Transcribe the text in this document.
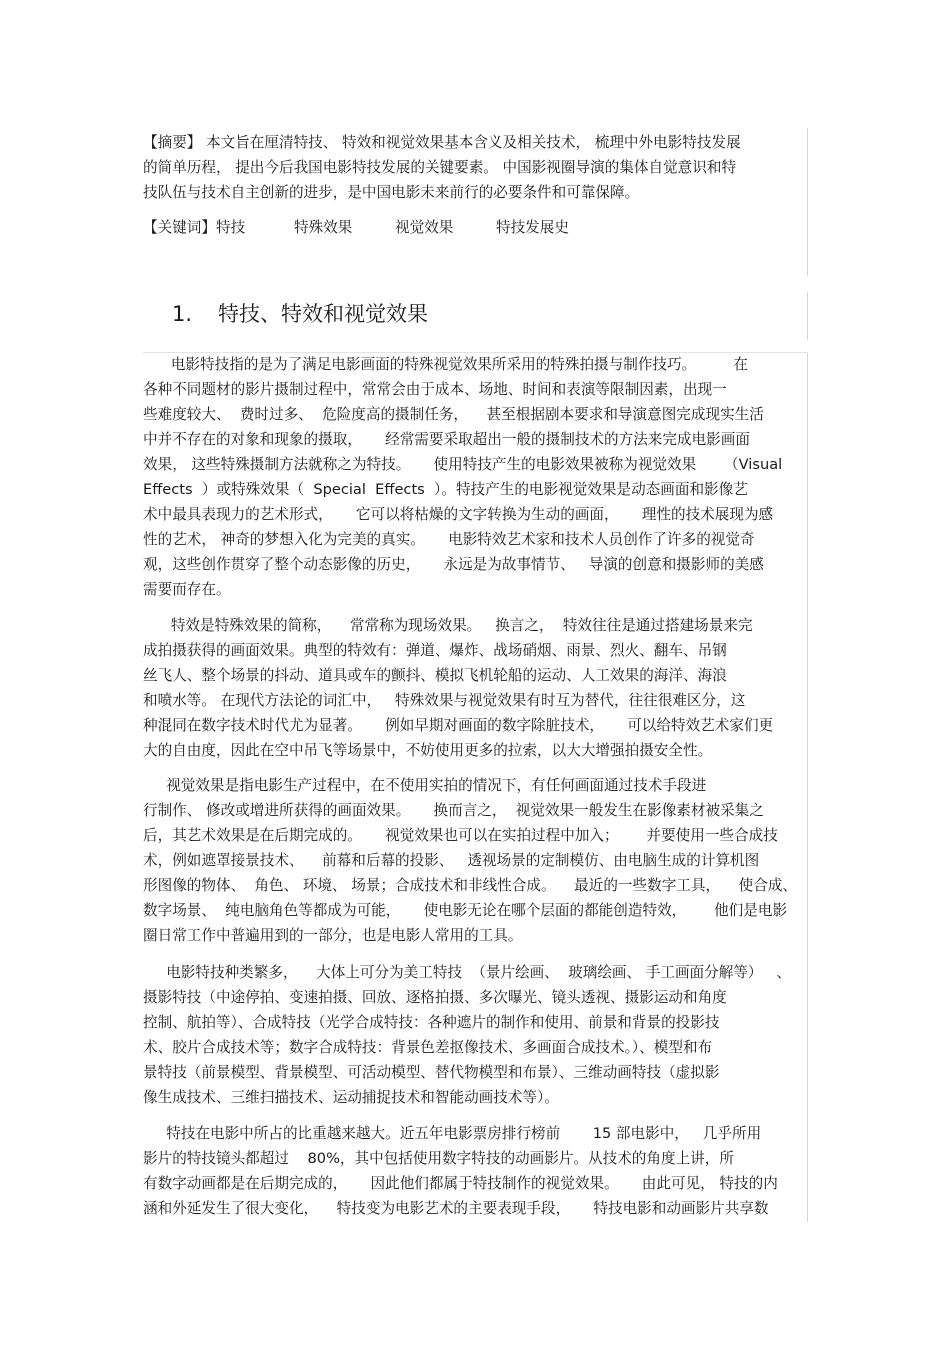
【摘要】 本文旨在厘清特技、 特效和视觉效果基本含义及相关技术， 梳理中外电影特技发展
的简单历程， 提出今后我国电影特技发展的关键要素。 中国影视圈导演的集体自觉意识和特
技队伍与技术自主创新的进步，是中国电影未来前行的必要条件和可靠保障。
【关键词】特技	特殊效果	视觉效果	特技发展史
1. 特技、特效和视觉效果
电影特技指的是为了满足电影画面的特殊视觉效果所采用的特殊拍摄与制作技巧。        在
各种不同题材的影片摄制过程中，常常会由于成本、场地、时间和表演等限制因素，出现一
些难度较大、  费时过多、  危险度高的摄制任务，    甚至根据剧本要求和导演意图完成现实生活
中并不存在的对象和现象的摄取，     经常需要采取超出一般的摄制技术的方法来完成电影画面
效果， 这些特殊摄制方法就称之为特技。     使用特技产生的电影效果被称为视觉效果      （Visual
Effects  ）或特殊效果（  Special  Effects  ）。特技产生的电影视觉效果是动态画面和影像艺
术中最具表现力的艺术形式，     它可以将枯燥的文字转换为生动的画面，     理性的技术展现为感
性的艺术， 神奇的梦想入化为完美的真实。     电影特效艺术家和技术人员创作了许多的视觉奇
观，这些创作贯穿了整个动态影像的历史，     永远是为故事情节、   导演的创意和摄影师的美感
需要而存在。
特效是特殊效果的简称，    常常称为现场效果。   换言之，  特效往往是通过搭建场景来完
成拍摄获得的画面效果。典型的特效有：弹道、爆炸、战场硝烟、雨景、烈火、翻车、吊钢
丝飞人、整个场景的抖动、道具或车的颤抖、模拟飞机轮船的运动、人工效果的海洋、海浪
和喷水等。 在现代方法论的词汇中，   特殊效果与视觉效果有时互为替代，往往很难区分，这
种混同在数字技术时代尤为显著。     例如早期对画面的数字除脏技术，     可以给特效艺术家们更
大的自由度，因此在空中吊飞等场景中，不妨使用更多的拉索，以大大增强拍摄安全性。
视觉效果是指电影生产过程中，在不使用实拍的情况下，有任何画面通过技术手段进
行制作、 修改或增进所获得的画面效果。     换而言之，  视觉效果一般发生在影像素材被采集之
后，其艺术效果是在后期完成的。     视觉效果也可以在实拍过程中加入；      并要使用一些合成技
术，例如遮罩接景技术、    前幕和后幕的投影、   透视场景的定制模仿、由电脑生成的计算机图
形图像的物体、  角色、 环境、 场景；合成技术和非线性合成。    最近的一些数字工具，    使合成、
数字场景、  纯电脑角色等都成为可能，     使电影无论在哪个层面的都能创造特效，      他们是电影
圈日常工作中普遍用到的一部分，也是电影人常用的工具。
电影特技种类繁多，    大体上可分为美工特技  （景片绘画、  玻璃绘画、 手工画面分解等）   、
摄影特技（中途停拍、变速拍摄、回放、逐格拍摄、多次曝光、镜头透视、摄影运动和角度
控制、航拍等）、合成特技（光学合成特技：各种遮片的制作和使用、前景和背景的投影技
术、胶片合成技术等；数字合成特技：背景色差抠像技术、多画面合成技术。）、模型和布
景特技（前景模型、背景模型、可活动模型、替代物模型和布景）、三维动画特技（虚拟影
像生成技术、三维扫描技术、运动捕捉技术和智能动画技术等）。
特技在电影中所占的比重越来越大。近五年电影票房排行榜前       15 部电影中，   几乎所用
影片的特技镜头都超过    80%，其中包括使用数字特技的动画影片。从技术的角度上讲，所
有数字动画都是在后期完成的，     因此他们都属于特技制作的视觉效果。     由此可见， 特技的内
涵和外延发生了很大变化，    特技变为电影艺术的主要表现手段，     特技电影和动画影片共享数
